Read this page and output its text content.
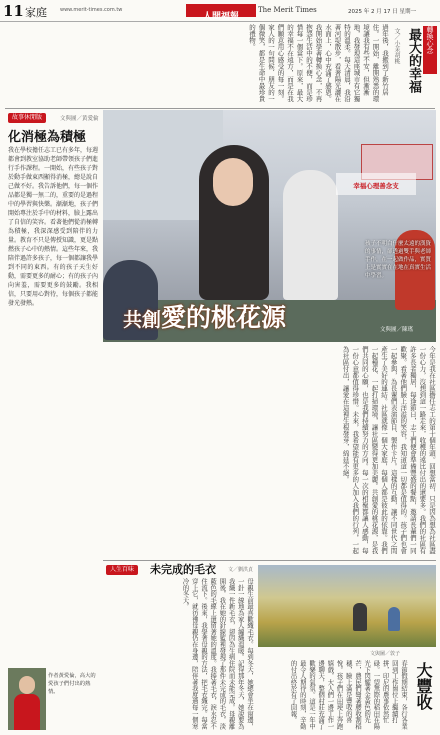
11 家庭	www.merit-times.com.tw
人間福報
The Merit Times	2025 年 2 月 17 日 星期一
轉換心念
最大的幸福
文／小茉胡桃
過年後，我搬到了新竹居住。一開始，離開熟悉的環境讓我有些不安，但漸漸地，我發現這座城市有它獨特的溫柔。每天清晨，我沿著河堤散步，看著陽光灑在水面上，心中充滿了感恩。我開始學著轉換心念，不再抱怨生活中的不便，而是珍惜每一個當下。原來，最大的幸福不在遠方，而是在我們願意用心感受的每一刻。家人的一句問候、朋友的一個微笑，都是生命中最珍貴的禮物。
故事休閒版	文與圖／黃愛倫
化消極為積極
我在學校擔任志工已有多年，每週都會到教室協助老師帶領孩子們進行手作課程。一開始，有些孩子對於動手做東西顯得消極，總是說自己做不好。我告訴他們，每一個作品都是獨一無二的，重要的是過程中的學習與快樂。漸漸地，孩子們開始專注於手中的材料，臉上露出了自信的笑容。看著他們從消極轉為積極，我深深感受到陪伴的力量。教育不只是傳授知識，更是點燃孩子心中的熱情。這些年來，我陪伴過許多孩子，每一個都讓我學到不同的東西。有的孩子天生好動，需要更多的耐心；有的孩子內向害羞，需要更多的鼓勵。我相信，只要用心對待，每個孩子都能發光發熱。
幸福心理善念支
孩子不明白什麼太遠的漢資的事情，卻透過雙手與老師手作，在一起做作品，實質上是實實在在地在真實生活中學習。
共創愛的桃花源	文與圖／陳瑤
今年是我在社區擔任志工的第十個年頭。回想當初，只是因為想為社區盡一份心力，沒想到這一路走來，收穫的遠比付出的還要多。我們的社區有許多長者獨居，每逢節日，志工們便會準備豐盛的餐點，邀請長輩們一同歡聚。看著他們臉上洋溢的笑容，我知道這一切都是值得的。孩子們也會一起參與，為長輩們表演節目、製作卡片。這樣的互動，讓不同世代之間產生了美好的連結。社區就像一個大家庭，每個人都是彼此的依靠。我們一起種花、一起打掃環境，讓社區變得更加美麗。共創愛的桃花源，是我們共同的心願，也是我們持續努力的方向。每一次的相聚都讓人感動，每一份心意都值得珍惜。未來，我希望能有更多的人加入我們的行列，一起為社區付出，讓愛在這裡生根發芽，綿延不絕。
人生百味	未完成的毛衣 文／劉洪貞
母親生前最喜歡織毛衣。每到冬天，她總會坐在窗邊，一針一線地為家人編織溫暖。記得那年冬天，她說要為我織一件新毛衣，卻因為生病住院而未能完成。母親離開後，我在她的針線籃裡發現了那件未完成的毛衣，淡藍色的毛線上還留著她的溫度。我捧著毛衣，淚水忍不住流下。後來，我學著母親的方法，把毛衣織完。每當穿上它，就彷彿母親仍在身邊，陪伴著我度過每一個寒冷的冬天。
作者黃愛倫，高大的愛孩子們付出的熱情。
文與圖／敦子
大豐收
春節假期結束，各行各業回到工作崗位上繼續打拼，印尼的農事依然忙碌。一望無際的稻田在陽光下閃耀著金黃色的光芒，農民們彎著腰收割稻穗，臉上滿是豐收的喜悅。孩子們在田埂上奔跑嬉戲，大人們一邊工作一邊聊天，整個村莊充滿了歡樂的氣氛。這是一年中最令人期待的時刻，辛勤的付出終於有了回報。
